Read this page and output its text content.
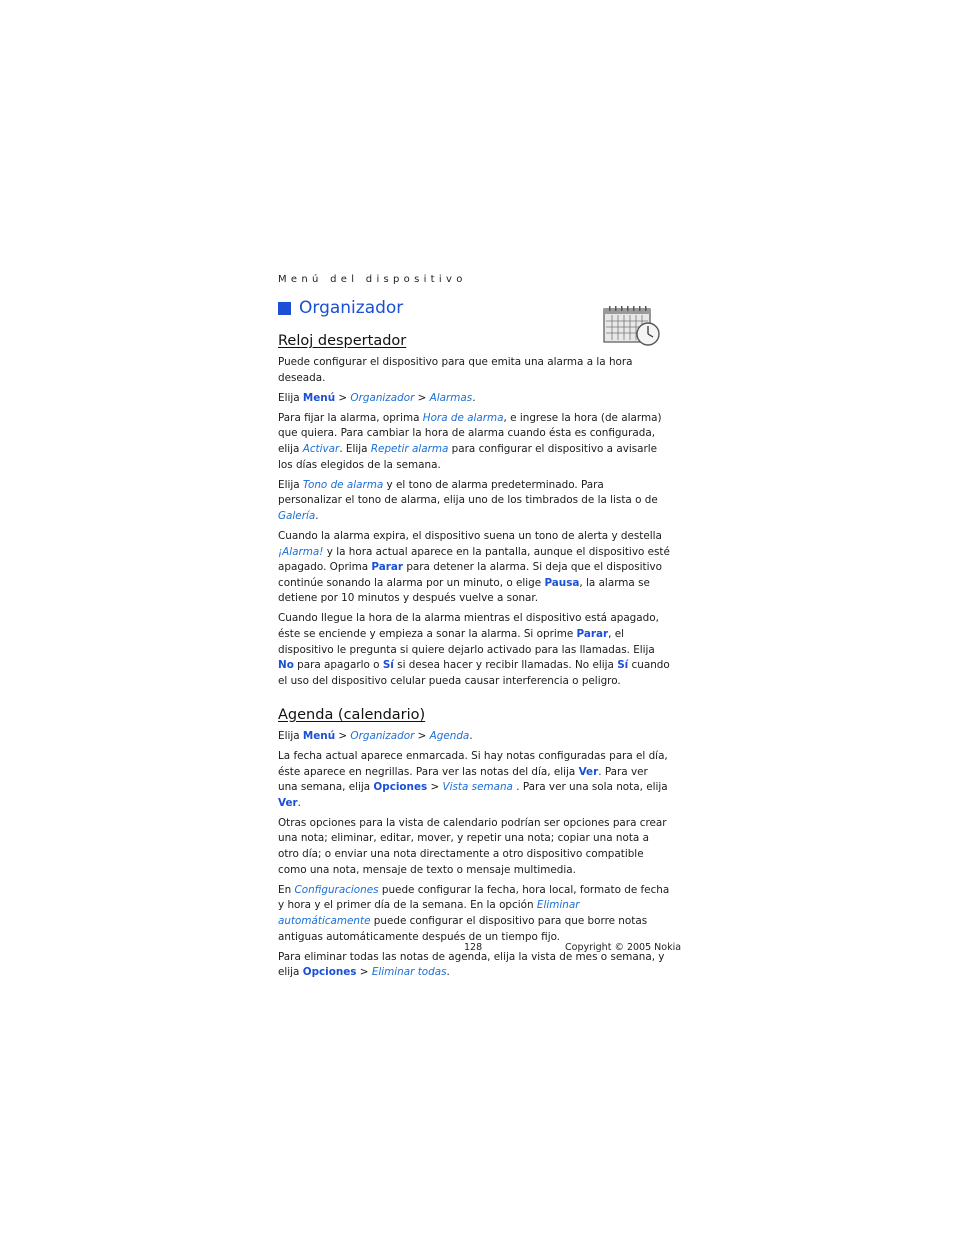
Menú del dispositivo
Organizador
Reloj despertador

Puede configurar el dispositivo para que emita una alarma a la hora deseada.

Elija Menú > Organizador > Alarmas.

Para fijar la alarma, oprima Hora de alarma, e ingrese la hora (de alarma) que quiera. Para cambiar la hora de alarma cuando ésta es configurada, elija Activar. Elija Repetir alarma para configurar el dispositivo a avisarle los días elegidos de la semana.

Elija Tono de alarma y el tono de alarma predeterminado. Para personalizar el tono de alarma, elija uno de los timbrados de la lista o de Galería.

Cuando la alarma expira, el dispositivo suena un tono de alerta y destella ¡Alarma! y la hora actual aparece en la pantalla, aunque el dispositivo esté apagado. Oprima Parar para detener la alarma. Si deja que el dispositivo continúe sonando la alarma por un minuto, o elige Pausa, la alarma se detiene por 10 minutos y después vuelve a sonar.

Cuando llegue la hora de la alarma mientras el dispositivo está apagado, éste se enciende y empieza a sonar la alarma. Si oprime Parar, el dispositivo le pregunta si quiere dejarlo activado para las llamadas. Elija No para apagarlo o Sí si desea hacer y recibir llamadas. No elija Sí cuando el uso del dispositivo celular pueda causar interferencia o peligro.

Agenda (calendario)

Elija Menú > Organizador > Agenda.

La fecha actual aparece enmarcada. Si hay notas configuradas para el día, éste aparece en negrillas. Para ver las notas del día, elija Ver. Para ver una semana, elija Opciones > Vista semana . Para ver una sola nota, elija Ver.

Otras opciones para la vista de calendario podrían ser opciones para crear una nota; eliminar, editar, mover, y repetir una nota; copiar una nota a otro día; o enviar una nota directamente a otro dispositivo compatible como una nota, mensaje de texto o mensaje multimedia.

En Configuraciones puede configurar la fecha, hora local, formato de fecha y hora y el primer día de la semana. En la opción Eliminar automáticamente puede configurar el dispositivo para que borre notas antiguas automáticamente después de un tiempo fijo.

Para eliminar todas las notas de agenda, elija la vista de mes o semana, y elija Opciones > Eliminar todas.

128	Copyright © 2005 Nokia
